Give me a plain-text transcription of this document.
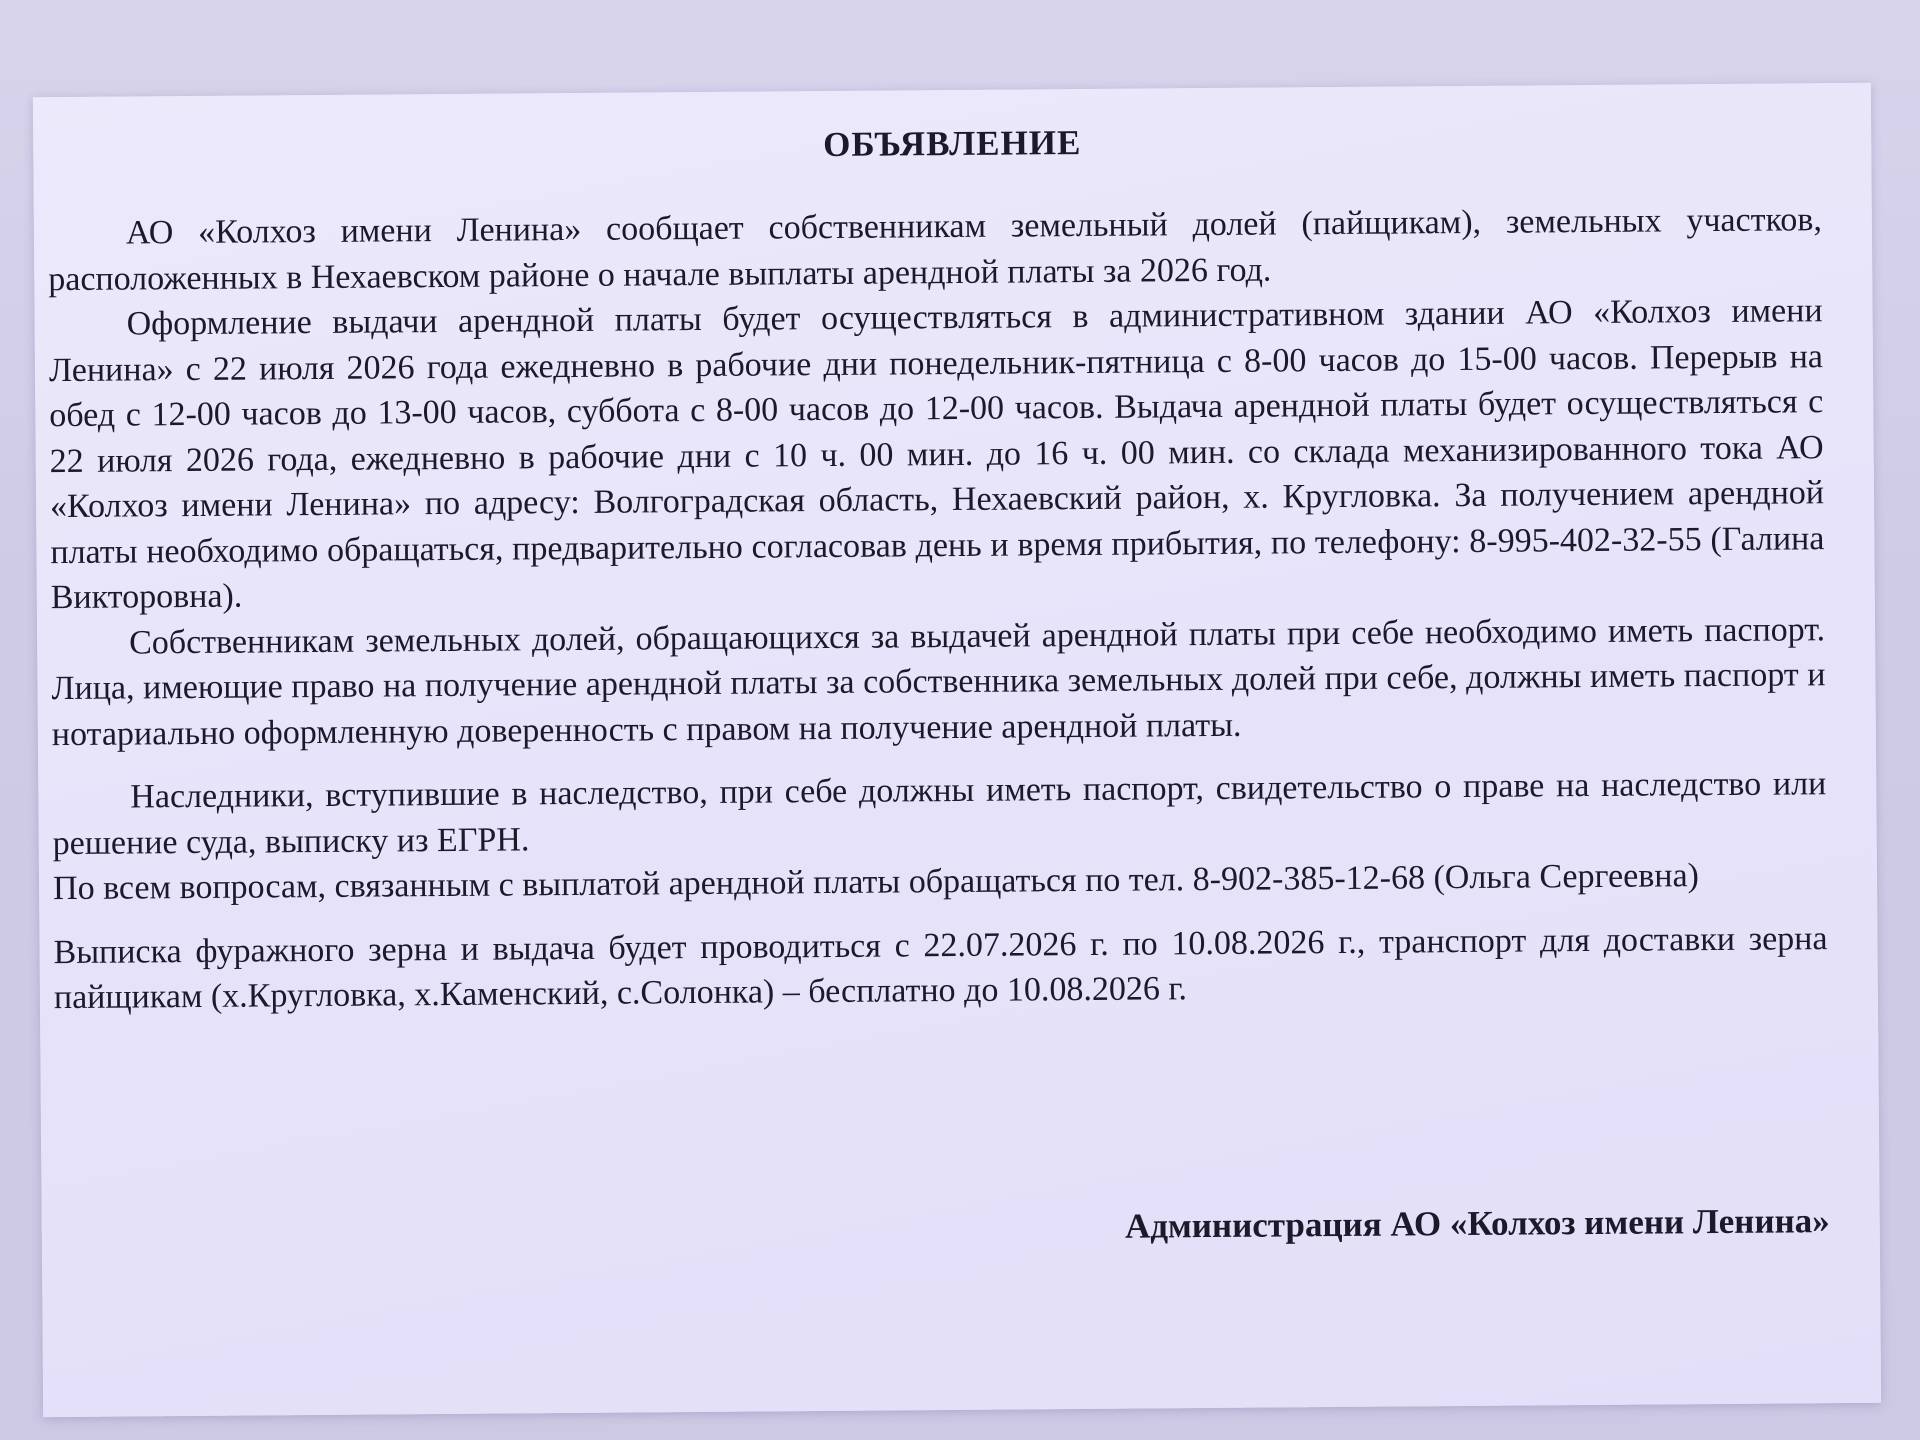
ОБЪЯВЛЕНИЕ

АО «Колхоз имени Ленина» сообщает собственникам земельный долей (пайщикам), земельных участков, расположенных в Нехаевском районе о начале выплаты арендной платы за 2026 год.

Оформление выдачи арендной платы будет осуществляться в административном здании АО «Колхоз имени Ленина» с 22 июля 2026 года ежедневно в рабочие дни понедельник-пятница с 8-00 часов до 15-00 часов. Перерыв на обед с 12-00 часов до 13-00 часов, суббота с 8-00 часов до 12-00 часов. Выдача арендной платы будет осуществляться с 22 июля 2026 года, ежедневно в рабочие дни с 10 ч. 00 мин. до 16 ч. 00 мин. со склада механизированного тока АО «Колхоз имени Ленина» по адресу: Волгоградская область, Нехаевский район, х. Кругловка. За получением арендной платы необходимо обращаться, предварительно согласовав день и время прибытия, по телефону: 8-995-402-32-55 (Галина Викторовна).

Собственникам земельных долей, обращающихся за выдачей арендной платы при себе необходимо иметь паспорт. Лица, имеющие право на получение арендной платы за собственника земельных долей при себе, должны иметь паспорт и нотариально оформленную доверенность с правом на получение арендной платы.

Наследники, вступившие в наследство, при себе должны иметь паспорт, свидетельство о праве на наследство или решение суда, выписку из ЕГРН.

По всем вопросам, связанным с выплатой арендной платы обращаться по тел. 8-902-385-12-68 (Ольга Сергеевна)

Выписка фуражного зерна и выдача будет проводиться с 22.07.2026 г. по 10.08.2026 г., транспорт для доставки зерна пайщикам (х.Кругловка, х.Каменский, с.Солонка) – бесплатно до 10.08.2026 г.

Администрация АО «Колхоз имени Ленина»
